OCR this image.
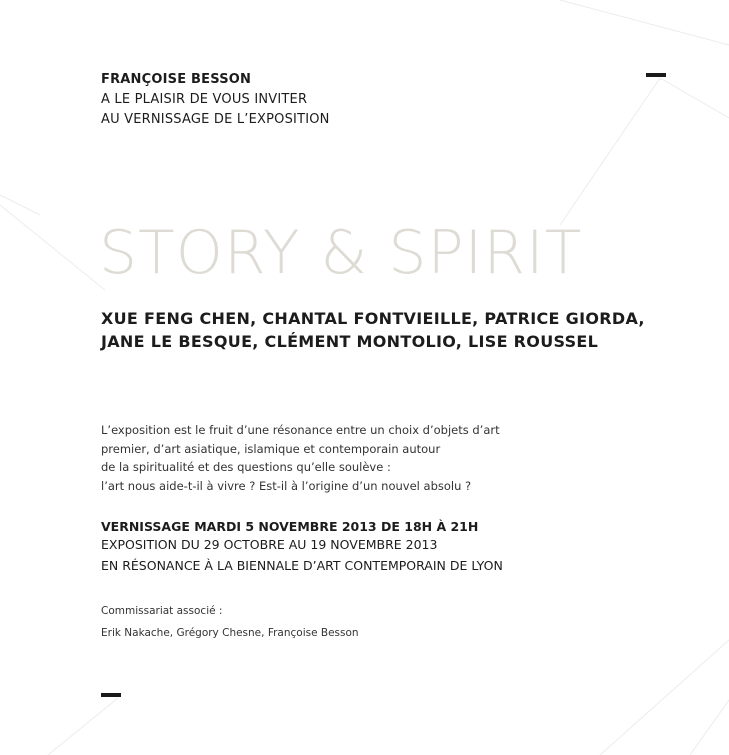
FRANÇOISE BESSON
A LE PLAISIR DE VOUS INVITER
AU VERNISSAGE DE L’EXPOSITION
STORY & SPIRIT
XUE FENG CHEN, CHANTAL FONTVIEILLE, PATRICE GIORDA,
JANE LE BESQUE, CLÉMENT MONTOLIO, LISE ROUSSEL
L’exposition est le fruit d’une résonance entre un choix d’objets d’art
premier, d’art asiatique, islamique et contemporain autour
de la spiritualité et des questions qu’elle soulève :
l’art nous aide-t-il à vivre ? Est-il à l’origine d’un nouvel absolu ?
VERNISSAGE MARDI 5 NOVEMBRE 2013 DE 18H À 21H
EXPOSITION DU 29 OCTOBRE AU 19 NOVEMBRE 2013
EN RÉSONANCE À LA BIENNALE D’ART CONTEMPORAIN DE LYON
Commissariat associé :
Erik Nakache, Grégory Chesne, Françoise Besson
